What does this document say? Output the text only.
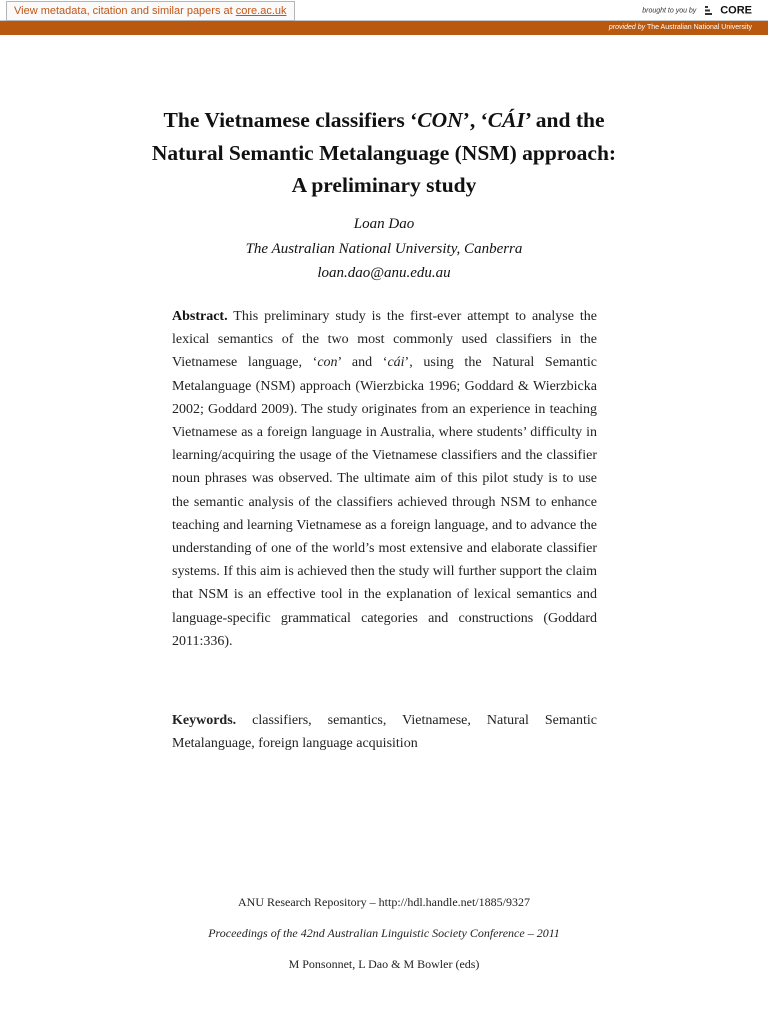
View metadata, citation and similar papers at core.ac.uk	brought to you by CORE
provided by The Australian National University
The Vietnamese classifiers ‘CON’, ‘CÁI’ and the
Natural Semantic Metalanguage (NSM) approach:
A preliminary study
Loan Dao
The Australian National University, Canberra
loan.dao@anu.edu.au

Abstract. This preliminary study is the first-ever attempt to analyse the lexical semantics of the two most commonly used classifiers in the Vietnamese language, ‘con’ and ‘cái’, using the Natural Semantic Metalanguage (NSM) approach (Wierzbicka 1996; Goddard & Wierzbicka 2002; Goddard 2009). The study originates from an experience in teaching Vietnamese as a foreign language in Australia, where students’ difficulty in learning/acquiring the usage of the Vietnamese classifiers and the classifier noun phrases was observed. The ultimate aim of this pilot study is to use the semantic analysis of the classifiers achieved through NSM to enhance teaching and learning Vietnamese as a foreign language, and to advance the understanding of one of the world’s most extensive and elaborate classifier systems. If this aim is achieved then the study will further support the claim that NSM is an effective tool in the explanation of lexical semantics and language-specific grammatical categories and constructions (Goddard 2011:336).

Keywords. classifiers, semantics, Vietnamese, Natural Semantic Metalanguage, foreign language acquisition

ANU Research Repository – http://hdl.handle.net/1885/9327
Proceedings of the 42nd Australian Linguistic Society Conference – 2011
M Ponsonnet, L Dao & M Bowler (eds)
